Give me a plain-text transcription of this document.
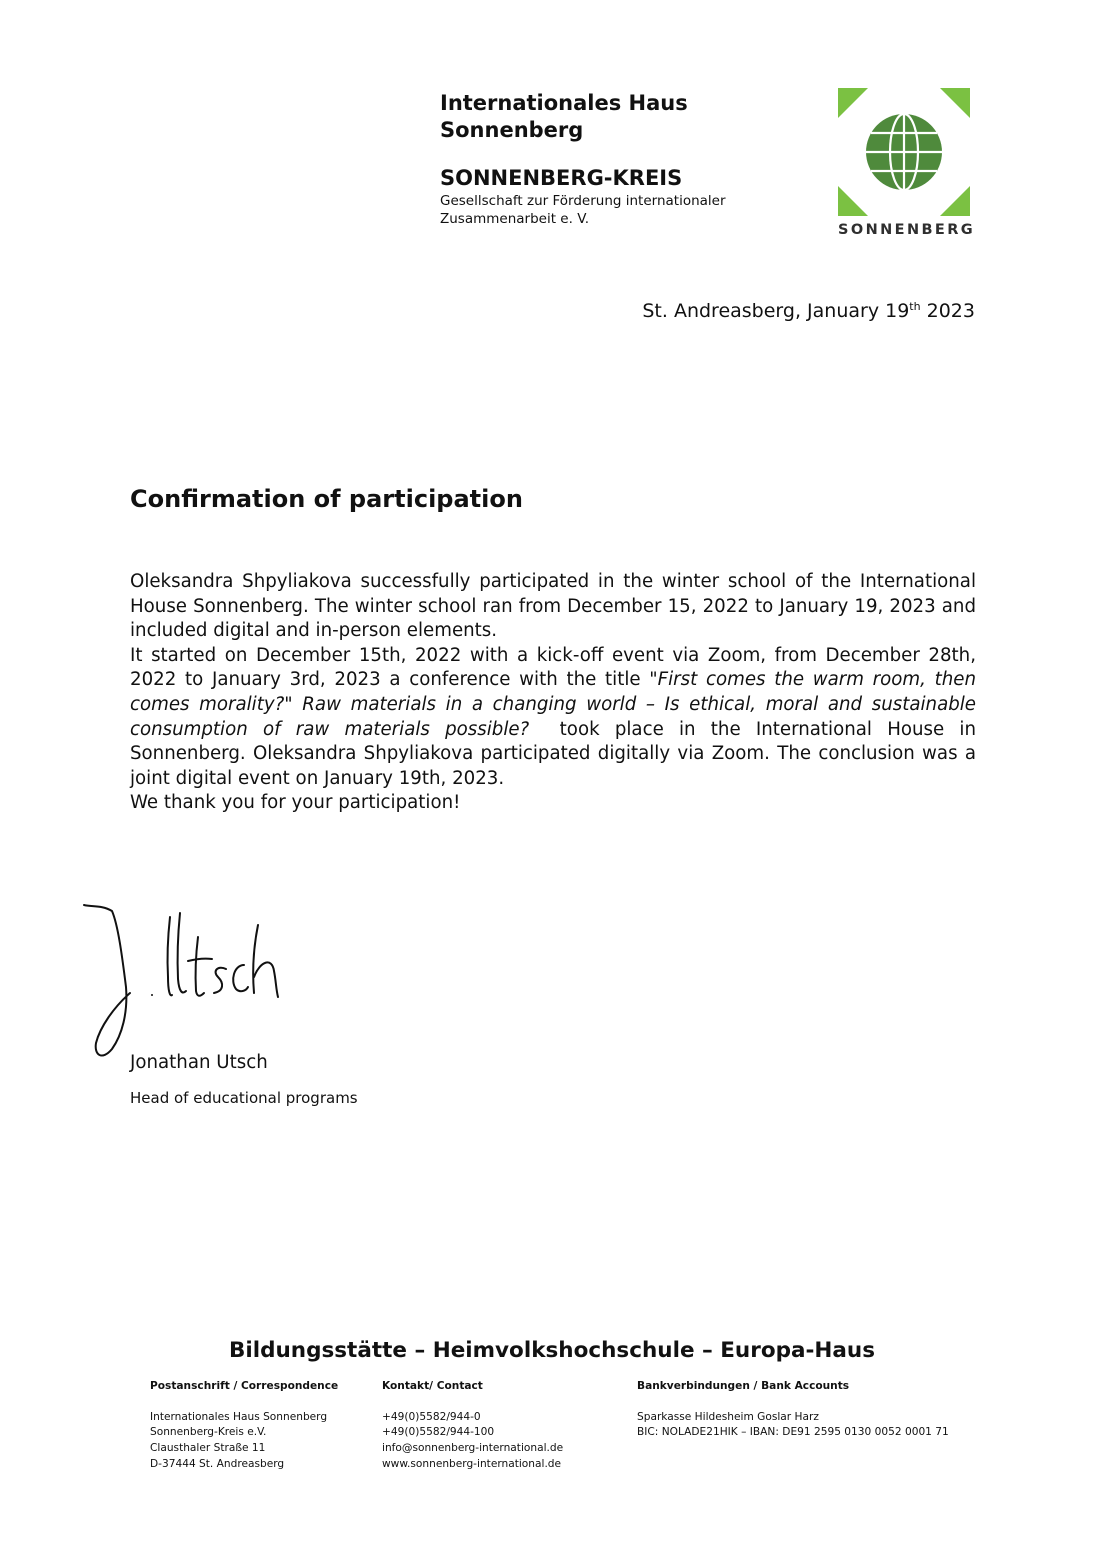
Internationales Haus
Sonnenberg
SONNENBERG-KREIS
Gesellschaft zur Förderung internationaler
Zusammenarbeit e. V.
SONNENBERG
St. Andreasberg, January 19th 2023
Confirmation of participation

Oleksandra Shpyliakova successfully participated in the winter school of the International House Sonnenberg. The winter school ran from December 15, 2022 to January 19, 2023 and included digital and in-person elements.

It started on December 15th, 2022 with a kick-off event via Zoom, from December 28th, 2022 to January 3rd, 2023 a conference with the title "First comes the warm room, then comes morality?" Raw materials in a changing world – Is ethical, moral and sustainable consumption of raw materials possible?  took place in the International House in Sonnenberg. Oleksandra Shpyliakova participated digitally via Zoom. The conclusion was a joint digital event on January 19th, 2023.

We thank you for your participation!

Jonathan Utsch
Head of educational programs
Bildungsstätte – Heimvolkshochschule – Europa-Haus
Postanschrift / Correspondence
Internationales Haus Sonnenberg
Sonnenberg-Kreis e.V.
Clausthaler Straße 11
D-37444 St. Andreasberg
Kontakt/ Contact
+49(0)5582/944-0
+49(0)5582/944-100
info@sonnenberg-international.de
www.sonnenberg-international.de
Bankverbindungen / Bank Accounts
Sparkasse Hildesheim Goslar Harz
BIC: NOLADE21HIK – IBAN: DE91 2595 0130 0052 0001 71
